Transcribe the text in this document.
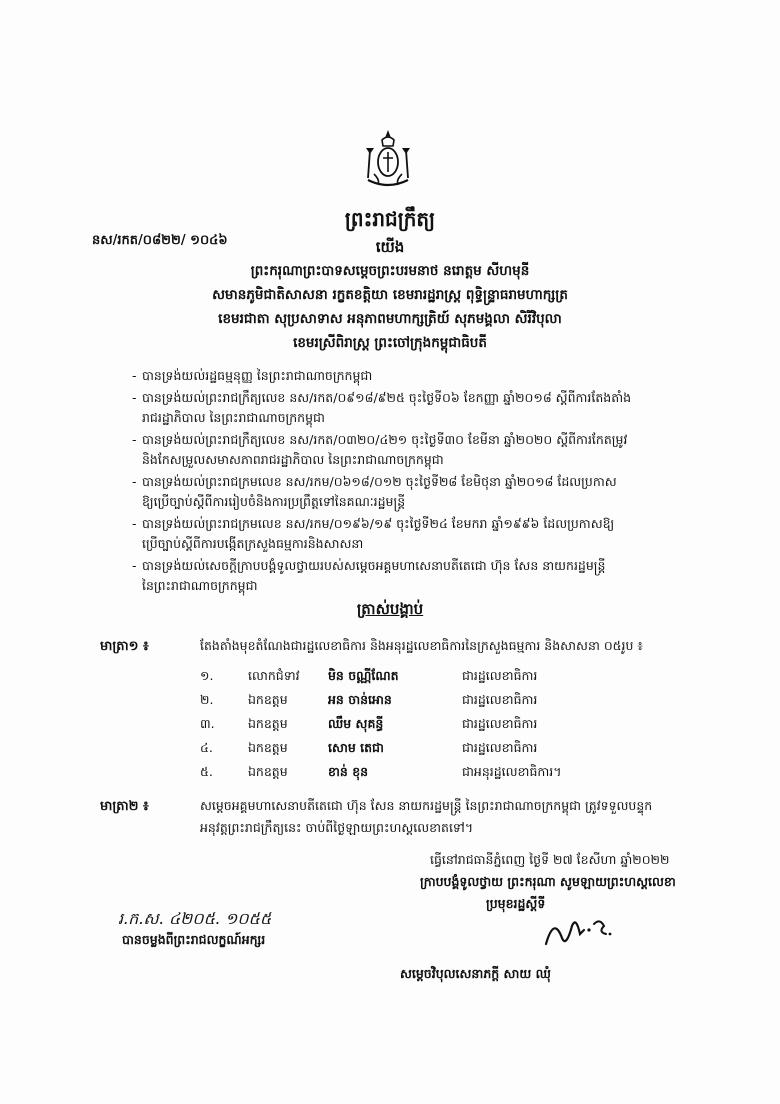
នស/រកត/០៨២២/ ១០៤៦
ព្រះរាជក្រឹត្យ
យើង
ព្រះករុណាព្រះបាទសម្តេចព្រះបរមនាថ នរោត្តម សីហមុនី
សមានភូមិជាតិសាសនា រក្ខតខត្តិយា ខេមរារដ្ឋរាស្ត្រ ពុទ្ធិន្ទ្រាធរាមហាក្សត្រ
ខេមរជាតា សុប្រសាទាស អនុភាពមហាក្សត្រិយ៍ សុភមង្គលា សិរីវិបុលា
ខេមរស្រីពិរាស្ត្រ ព្រះចៅក្រុងកម្ពុជាធិបតី
- បានទ្រង់យល់រដ្ឋធម្មនុញ្ញ នៃព្រះរាជាណាចក្រកម្ពុជា
- បានទ្រង់យល់ព្រះរាជក្រឹត្យលេខ នស/រកត/០៩១៨/៩២៥ ចុះថ្ងៃទី០៦ ខែកញ្ញា ឆ្នាំ២០១៨ ស្តីពីការតែងតាំង
រាជរដ្ឋាភិបាល នៃព្រះរាជាណាចក្រកម្ពុជា
- បានទ្រង់យល់ព្រះរាជក្រឹត្យលេខ នស/រកត/០៣២០/៤២១ ចុះថ្ងៃទី៣០ ខែមីនា ឆ្នាំ២០២០ ស្តីពីការកែតម្រូវ
និងកែសម្រួលសមាសភាពរាជរដ្ឋាភិបាល នៃព្រះរាជាណាចក្រកម្ពុជា
- បានទ្រង់យល់ព្រះរាជក្រមលេខ នស/រកម/០៦១៨/០១២ ចុះថ្ងៃទី២៨ ខែមិថុនា ឆ្នាំ២០១៨ ដែលប្រកាស
ឱ្យប្រើច្បាប់ស្តីពីការរៀបចំនិងការប្រព្រឹត្តទៅនៃគណៈរដ្ឋមន្ត្រី
- បានទ្រង់យល់ព្រះរាជក្រមលេខ នស/រកម/០១៩៦/១៩ ចុះថ្ងៃទី២៤ ខែមករា ឆ្នាំ១៩៩៦ ដែលប្រកាសឱ្យ
ប្រើច្បាប់ស្តីពីការបង្កើតក្រសួងធម្មការនិងសាសនា
- បានទ្រង់យល់សេចក្តីក្រាបបង្គំទូលថ្វាយរបស់សម្តេចអគ្គមហាសេនាបតីតេជោ ហ៊ុន សែន នាយករដ្ឋមន្ត្រី
នៃព្រះរាជាណាចក្រកម្ពុជា
ត្រាស់បង្គាប់
មាត្រា១ ៖	តែងតាំងមុខតំណែងជារដ្ឋលេខាធិការ និងអនុរដ្ឋលេខាធិការនៃក្រសួងធម្មការ និងសាសនា ០៥រូប ៖
១.	លោកជំទាវ មិន ចណ្ណីណែត	ជារដ្ឋលេខាធិការ
២.	ឯកឧត្តម	អន ចាន់អោន	ជារដ្ឋលេខាធិការ
៣.	ឯកឧត្តម	ឈឹម សុគន្ធី	ជារដ្ឋលេខាធិការ
៤.	ឯកឧត្តម	សោម តេជា	ជារដ្ឋលេខាធិការ
៥.	ឯកឧត្តម	ខាន់ ខុន	ជាអនុរដ្ឋលេខាធិការ។
មាត្រា២ ៖	សម្តេចអគ្គមហាសេនាបតីតេជោ ហ៊ុន សែន នាយករដ្ឋមន្ត្រី នៃព្រះរាជាណាចក្រកម្ពុជា ត្រូវទទួលបន្ទុក
អនុវត្តព្រះរាជក្រឹត្យនេះ ចាប់ពីថ្ងៃឡាយព្រះហស្តលេខាតទៅ។
ធ្វើនៅរាជធានីភ្នំពេញ ថ្ងៃទី ២៧ ខែសីហា ឆ្នាំ២០២២
ក្រាបបង្គំទូលថ្វាយ ព្រះករុណា សូមឡាយព្រះហស្តលេខា
ប្រមុខរដ្ឋស្តីទី
រ.ក.ស. ៤២០៥. ១០៥៥
បានចម្លងពីព្រះរាជលក្ខណ៍អក្សរ
សម្តេចវិបុលសេនាភក្តី សាយ ឈុំ
